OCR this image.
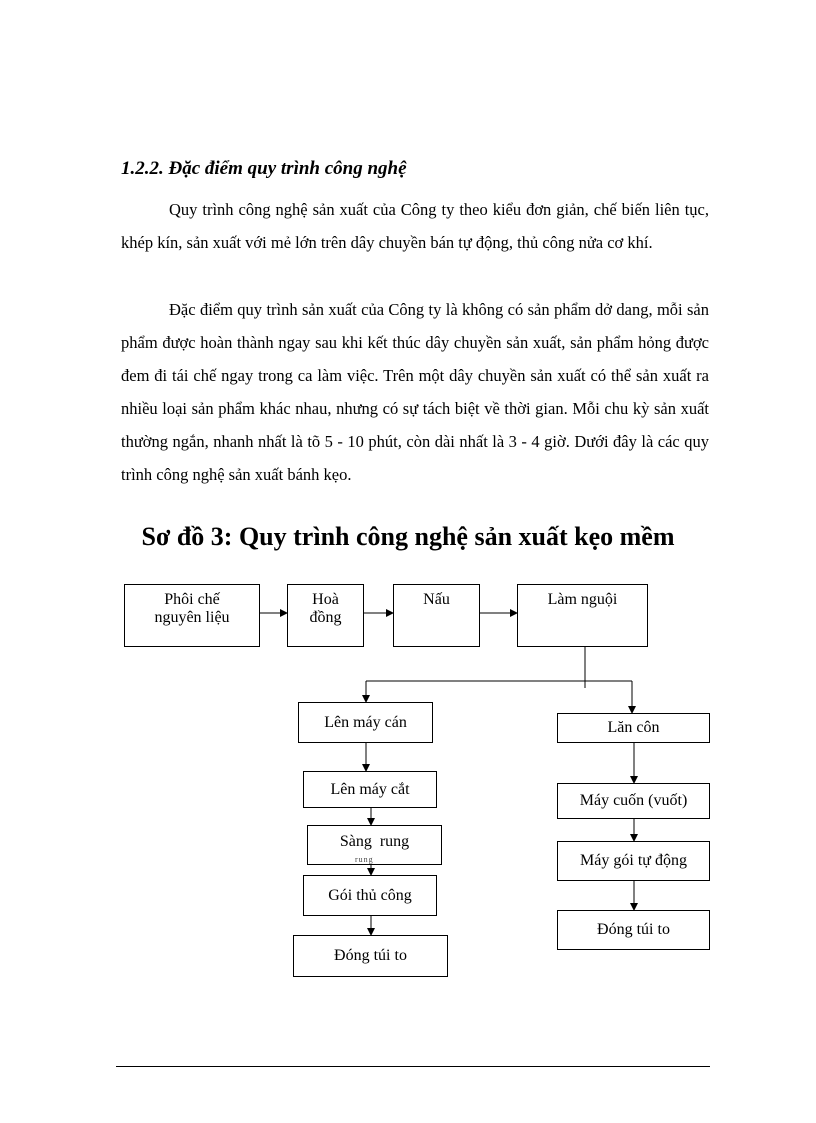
1.2.2. Đặc điểm quy trình công nghệ

Quy trình công nghệ sản xuất của Công ty theo kiểu đơn giản, chế biến liên tục, khép kín, sản xuất với mẻ lớn trên dây chuyền bán tự động, thủ công nửa cơ khí.

Đặc điểm quy trình sản xuất của Công ty là không có sản phẩm dở dang, mỗi sản phẩm được hoàn thành ngay sau khi kết thúc dây chuyền sản xuất, sản phẩm hỏng được đem đi tái chế ngay trong ca làm việc. Trên một dây chuyền sản xuất có thể sản xuất ra nhiều loại sản phẩm khác nhau, nhưng có sự tách biệt về thời gian. Mỗi chu kỳ sản xuất thường ngắn, nhanh nhất là tõ 5 - 10 phút, còn dài nhất là 3 - 4 giờ. Dưới đây là các quy trình công nghệ sản xuất bánh kẹo.

Sơ đồ 3: Quy trình công nghệ sản xuất kẹo mềm
Phôi chế
nguyên liệu
Hoà
đồng
Nấu	Làm nguội
Lên máy cán
Lên máy cắt
Sàng  rung
Gói thủ công
Đóng túi to
rung
Lăn côn
Máy cuốn (vuốt)
Máy gói tự động
Đóng túi to
